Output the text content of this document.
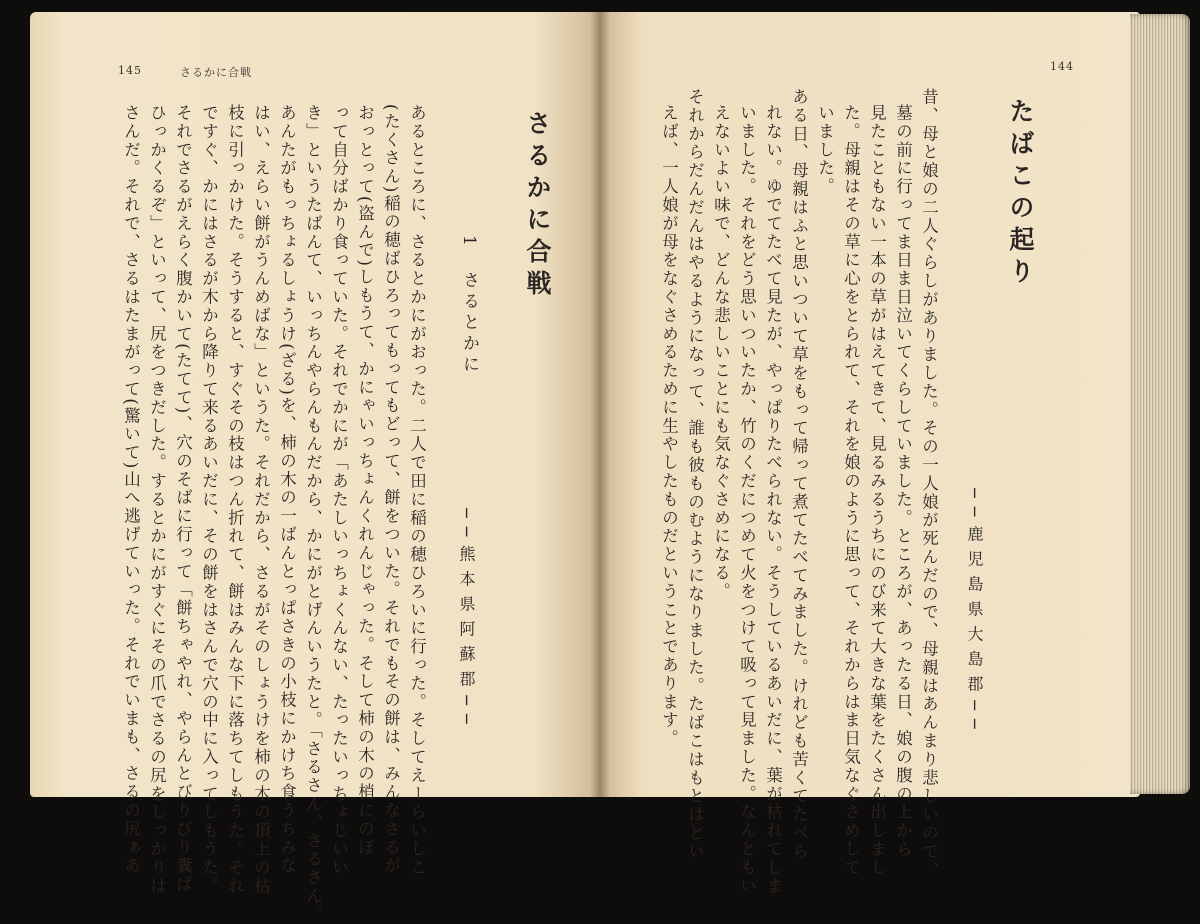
145	さるかに合戦
さるかに合戦
1　さるとかに
──熊本県阿蘇郡──
あるところに、さるとかにがおった。二人で田に稲の穂ひろいに行った。そしてえーらいしこ
(たくさん)稲の穂ばひろってもってもどって、餅をついた。それでもその餅は、みんなさるが
おっとって(盗んで)しもうて、かにゃいっちょんくれんじゃった。そして柿の木の梢にのぼ
って自分ばかり食っていた。それでかにが「あたしいっちょくんない、たったいっちょじいい
き」というたばんて、いっちんやらんもんだから、かにがとげんいうたと。「さるさん、さるさん。
あんたがもっちょるしょうけ(ざる)を、柿の木の一ばんとっぱさきの小枝にかけち食うちみな
はい、えらい餅がうんめばな」というた。それだから、さるがそのしょうけを柿の木の頂上の枯
枝に引っかけた。そうすると、すぐその枝はつん折れて、餅はみんな下に落ちてしもうた。それ
ですぐ、かにはさるが木から降りて来るあいだに、その餅をはさんで穴の中に入ってしもうた。
それでさるがえらく腹かいて(たてて)、穴のそばに行って「餅ちゃやれ、やらんとびりびり糞ば
ひっかくるぞ」といって、尻をつきだした。するとかにがすぐにその爪でさるの尻をしっかりは
さんだ。それで、さるはたまがって(驚いて)山へ逃げていった。それでいまも、さるの尻ぁあ
144
たばこの起り
──鹿児島県大島郡──
昔、母と娘の二人ぐらしがありました。その一人娘が死んだので、母親はあんまり悲しいので、
墓の前に行ってま日ま日泣いてくらしていました。ところが、あったる日、娘の腹の上から
見たこともない一本の草がはえてきて、見るみるうちにのび来て大きな葉をたくさん出しまし
た。母親はその草に心をとられて、それを娘のように思って、それからはま日気なぐさめして
いました。
ある日、母親はふと思いついて草をもって帰って煮てたべてみました。けれども苦くてたべら
れない。ゆでてたべて見たが、やっぱりたべられない。そうしているあいだに、葉が枯れてしま
いました。それをどう思いついたか、竹のくだにつめて火をつけて吸って見ました。なんともい
えないよい味で、どんな悲しいことにも気なぐさめになる。
それからだんだんはやるようになって、誰も彼ものむようになりました。たばこはもとはとい
えば、一人娘が母をなぐさめるために生やしたものだということであります。
